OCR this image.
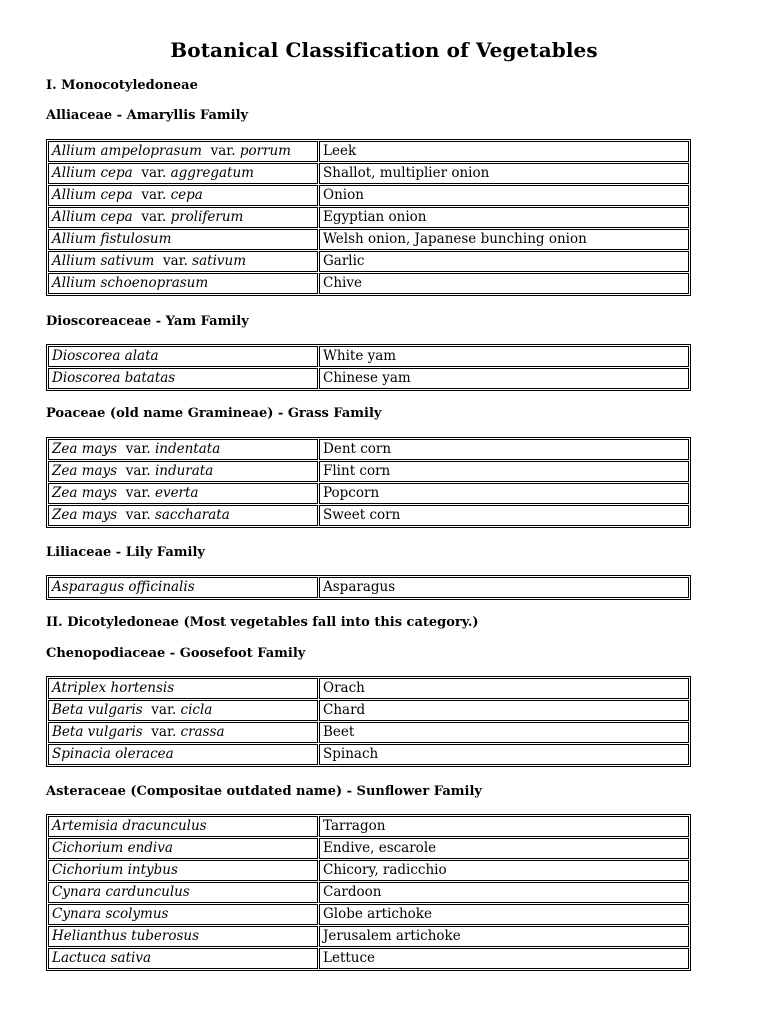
Botanical Classification of Vegetables
I. Monocotyledoneae
Alliaceae - Amaryllis Family
Allium ampeloprasum var. porrum	Leek
Allium cepa var. aggregatum	Shallot, multiplier onion
Allium cepa var. cepa	Onion
Allium cepa var. proliferum	Egyptian onion
Allium fistulosum	Welsh onion, Japanese bunching onion
Allium sativum var. sativum	Garlic
Allium schoenoprasum	Chive
Dioscoreaceae - Yam Family
Dioscorea alata	White yam
Dioscorea batatas	Chinese yam
Poaceae (old name Gramineae) - Grass Family
Zea mays var. indentata	Dent corn
Zea mays var. indurata	Flint corn
Zea mays var. everta	Popcorn
Zea mays var. saccharata	Sweet corn
Liliaceae - Lily Family
Asparagus officinalis	Asparagus
II. Dicotyledoneae (Most vegetables fall into this category.)
Chenopodiaceae - Goosefoot Family
Atriplex hortensis	Orach
Beta vulgaris var. cicla	Chard
Beta vulgaris var. crassa	Beet
Spinacia oleracea	Spinach
Asteraceae (Compositae outdated name) - Sunflower Family
Artemisia dracunculus	Tarragon
Cichorium endiva	Endive, escarole
Cichorium intybus	Chicory, radicchio
Cynara cardunculus	Cardoon
Cynara scolymus	Globe artichoke
Helianthus tuberosus	Jerusalem artichoke
Lactuca sativa	Lettuce
